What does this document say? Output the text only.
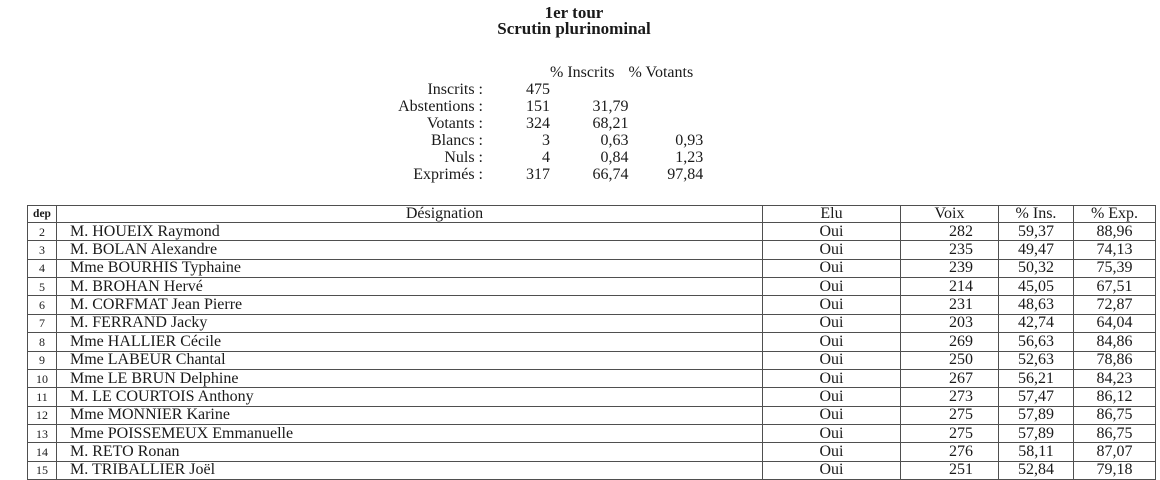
1er tour
Scrutin plurinominal
		% Inscrits	% Votants
Inscrits :	475		
Abstentions :	151	31,79	
Votants :	324	68,21	
Blancs :	3	0,63	0,93
Nuls :	4	0,84	1,23
Exprimés :	317	66,74	97,84
dep	Désignation	Elu	Voix	% Ins.	% Exp.
2	M. HOUEIX Raymond	Oui	282	59,37	88,96
3	M. BOLAN Alexandre	Oui	235	49,47	74,13
4	Mme BOURHIS Typhaine	Oui	239	50,32	75,39
5	M. BROHAN Hervé	Oui	214	45,05	67,51
6	M. CORFMAT Jean Pierre	Oui	231	48,63	72,87
7	M. FERRAND Jacky	Oui	203	42,74	64,04
8	Mme HALLIER Cécile	Oui	269	56,63	84,86
9	Mme LABEUR Chantal	Oui	250	52,63	78,86
10	Mme LE BRUN Delphine	Oui	267	56,21	84,23
11	M. LE COURTOIS Anthony	Oui	273	57,47	86,12
12	Mme MONNIER Karine	Oui	275	57,89	86,75
13	Mme POISSEMEUX Emmanuelle	Oui	275	57,89	86,75
14	M. RETO Ronan	Oui	276	58,11	87,07
15	M. TRIBALLIER Joël	Oui	251	52,84	79,18
